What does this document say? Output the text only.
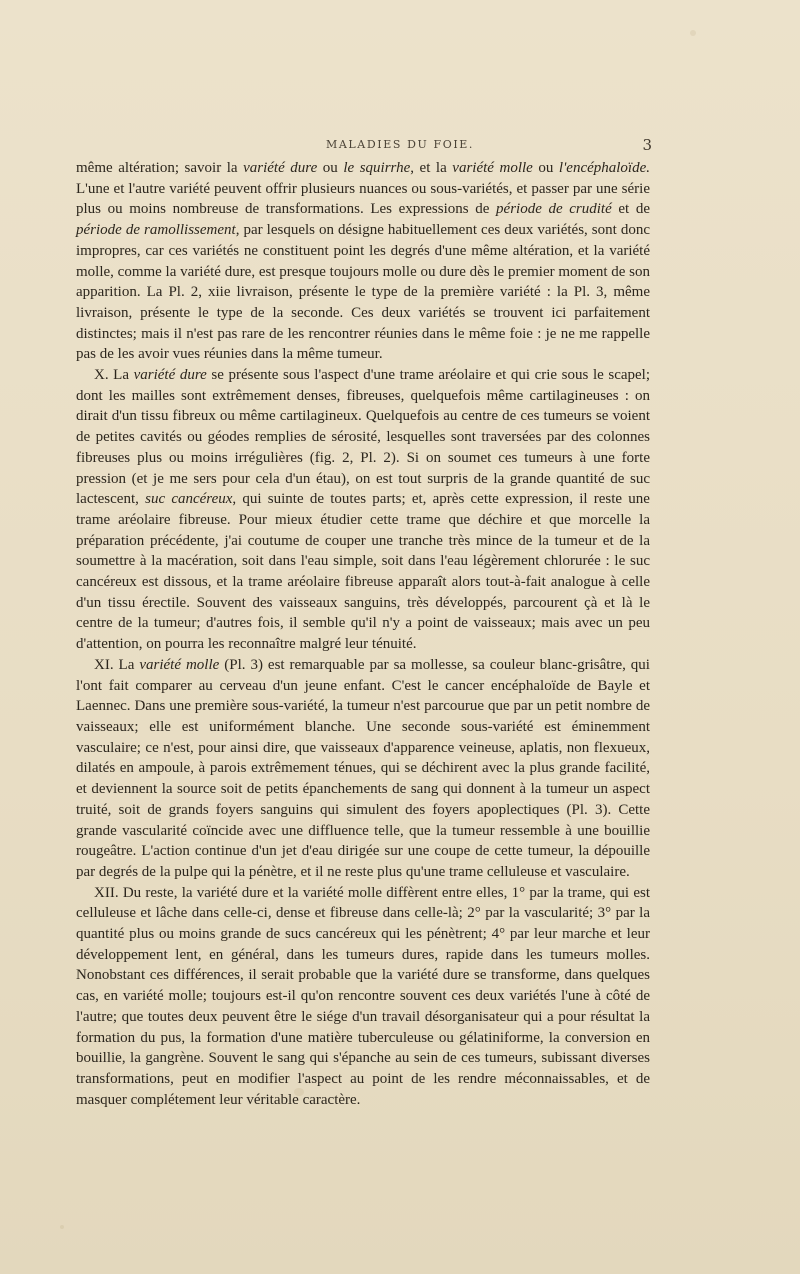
MALADIES DU FOIE.	3

même altération; savoir la variété dure ou le squirrhe, et la variété molle ou l'encéphaloïde. L'une et l'autre variété peuvent offrir plusieurs nuances ou sous-variétés, et passer par une série plus ou moins nombreuse de transformations. Les expressions de période de crudité et de période de ramollissement, par lesquels on désigne habituellement ces deux variétés, sont donc impropres, car ces variétés ne constituent point les degrés d'une même altération, et la variété molle, comme la variété dure, est presque toujours molle ou dure dès le premier moment de son apparition. La Pl. 2, xiie livraison, présente le type de la première variété : la Pl. 3, même livraison, présente le type de la seconde. Ces deux variétés se trouvent ici parfaitement distinctes; mais il n'est pas rare de les rencontrer réunies dans le même foie : je ne me rappelle pas de les avoir vues réunies dans la même tumeur.

X. La variété dure se présente sous l'aspect d'une trame aréolaire et qui crie sous le scapel; dont les mailles sont extrêmement denses, fibreuses, quelquefois même cartilagineuses : on dirait d'un tissu fibreux ou même cartilagineux. Quelquefois au centre de ces tumeurs se voient de petites cavités ou géodes remplies de sérosité, lesquelles sont traversées par des colonnes fibreuses plus ou moins irrégulières (fig. 2, Pl. 2). Si on soumet ces tumeurs à une forte pression (et je me sers pour cela d'un étau), on est tout surpris de la grande quantité de suc lactescent, suc cancéreux, qui suinte de toutes parts; et, après cette expression, il reste une trame aréolaire fibreuse. Pour mieux étudier cette trame que déchire et que morcelle la préparation précédente, j'ai coutume de couper une tranche très mince de la tumeur et de la soumettre à la macération, soit dans l'eau simple, soit dans l'eau légèrement chlorurée : le suc cancéreux est dissous, et la trame aréolaire fibreuse apparaît alors tout-à-fait analogue à celle d'un tissu érectile. Souvent des vaisseaux sanguins, très développés, parcourent çà et là le centre de la tumeur; d'autres fois, il semble qu'il n'y a point de vaisseaux; mais avec un peu d'attention, on pourra les reconnaître malgré leur ténuité.

XI. La variété molle (Pl. 3) est remarquable par sa mollesse, sa couleur blanc-grisâtre, qui l'ont fait comparer au cerveau d'un jeune enfant. C'est le cancer encéphaloïde de Bayle et Laennec. Dans une première sous-variété, la tumeur n'est parcourue que par un petit nombre de vaisseaux; elle est uniformément blanche. Une seconde sous-variété est éminemment vasculaire; ce n'est, pour ainsi dire, que vaisseaux d'apparence veineuse, aplatis, non flexueux, dilatés en ampoule, à parois extrêmement ténues, qui se déchirent avec la plus grande facilité, et deviennent la source soit de petits épanchements de sang qui donnent à la tumeur un aspect truité, soit de grands foyers sanguins qui simulent des foyers apoplectiques (Pl. 3). Cette grande vascularité coïncide avec une diffluence telle, que la tumeur ressemble à une bouillie rougeâtre. L'action continue d'un jet d'eau dirigée sur une coupe de cette tumeur, la dépouille par degrés de la pulpe qui la pénètre, et il ne reste plus qu'une trame celluleuse et vasculaire.

XII. Du reste, la variété dure et la variété molle diffèrent entre elles, 1° par la trame, qui est celluleuse et lâche dans celle-ci, dense et fibreuse dans celle-là; 2° par la vascularité; 3° par la quantité plus ou moins grande de sucs cancéreux qui les pénètrent; 4° par leur marche et leur développement lent, en général, dans les tumeurs dures, rapide dans les tumeurs molles. Nonobstant ces différences, il serait probable que la variété dure se transforme, dans quelques cas, en variété molle; toujours est-il qu'on rencontre souvent ces deux variétés l'une à côté de l'autre; que toutes deux peuvent être le siége d'un travail désorganisateur qui a pour résultat la formation du pus, la formation d'une matière tuberculeuse ou gélatiniforme, la conversion en bouillie, la gangrène. Souvent le sang qui s'épanche au sein de ces tumeurs, subissant diverses transformations, peut en modifier l'aspect au point de les rendre méconnaissables, et de masquer complétement leur véritable caractère.
